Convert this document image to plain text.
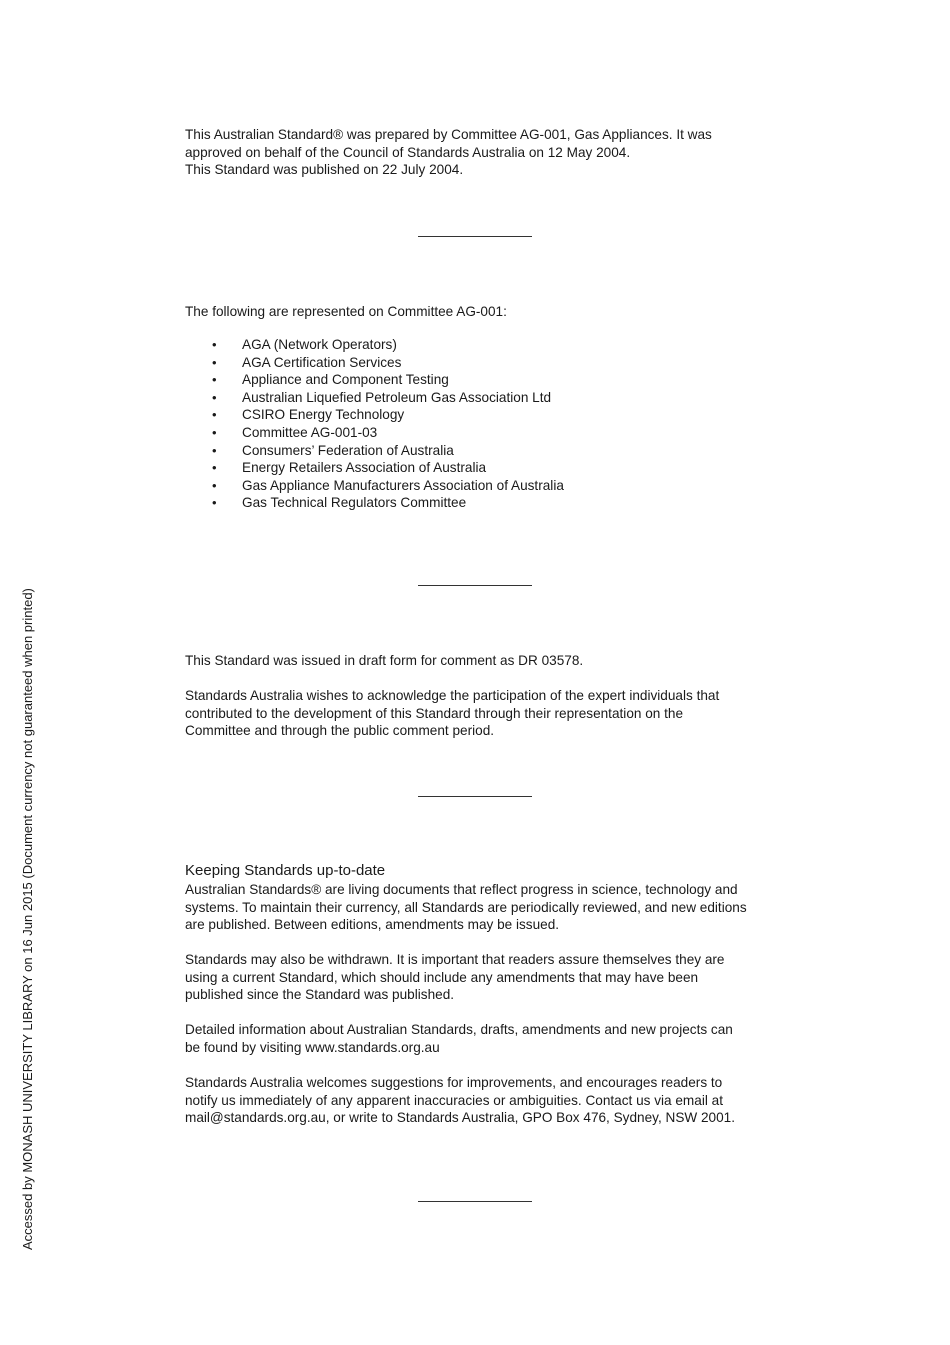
This Australian Standard® was prepared by Committee AG-001, Gas Appliances. It was
approved on behalf of the Council of Standards Australia on 12 May 2004.
This Standard was published on 22 July 2004.

The following are represented on Committee AG-001:

• AGA (Network Operators)
• AGA Certification Services
• Appliance and Component Testing
• Australian Liquefied Petroleum Gas Association Ltd
• CSIRO Energy Technology
• Committee AG-001-03
• Consumers’ Federation of Australia
• Energy Retailers Association of Australia
• Gas Appliance Manufacturers Association of Australia
• Gas Technical Regulators Committee

This Standard was issued in draft form for comment as DR 03578.

Standards Australia wishes to acknowledge the participation of the expert individuals that
contributed to the development of this Standard through their representation on the
Committee and through the public comment period.
Keeping Standards up-to-date
Australian Standards® are living documents that reflect progress in science, technology and
systems. To maintain their currency, all Standards are periodically reviewed, and new editions
are published. Between editions, amendments may be issued.
Standards may also be withdrawn. It is important that readers assure themselves they are
using a current Standard, which should include any amendments that may have been
published since the Standard was published.
Detailed information about Australian Standards, drafts, amendments and new projects can
be found by visiting www.standards.org.au
Standards Australia welcomes suggestions for improvements, and encourages readers to
notify us immediately of any apparent inaccuracies or ambiguities. Contact us via email at
mail@standards.org.au, or write to Standards Australia, GPO Box 476, Sydney, NSW 2001.
Accessed by MONASH UNIVERSITY LIBRARY on 16 Jun 2015 (Document currency not guaranteed when printed)
